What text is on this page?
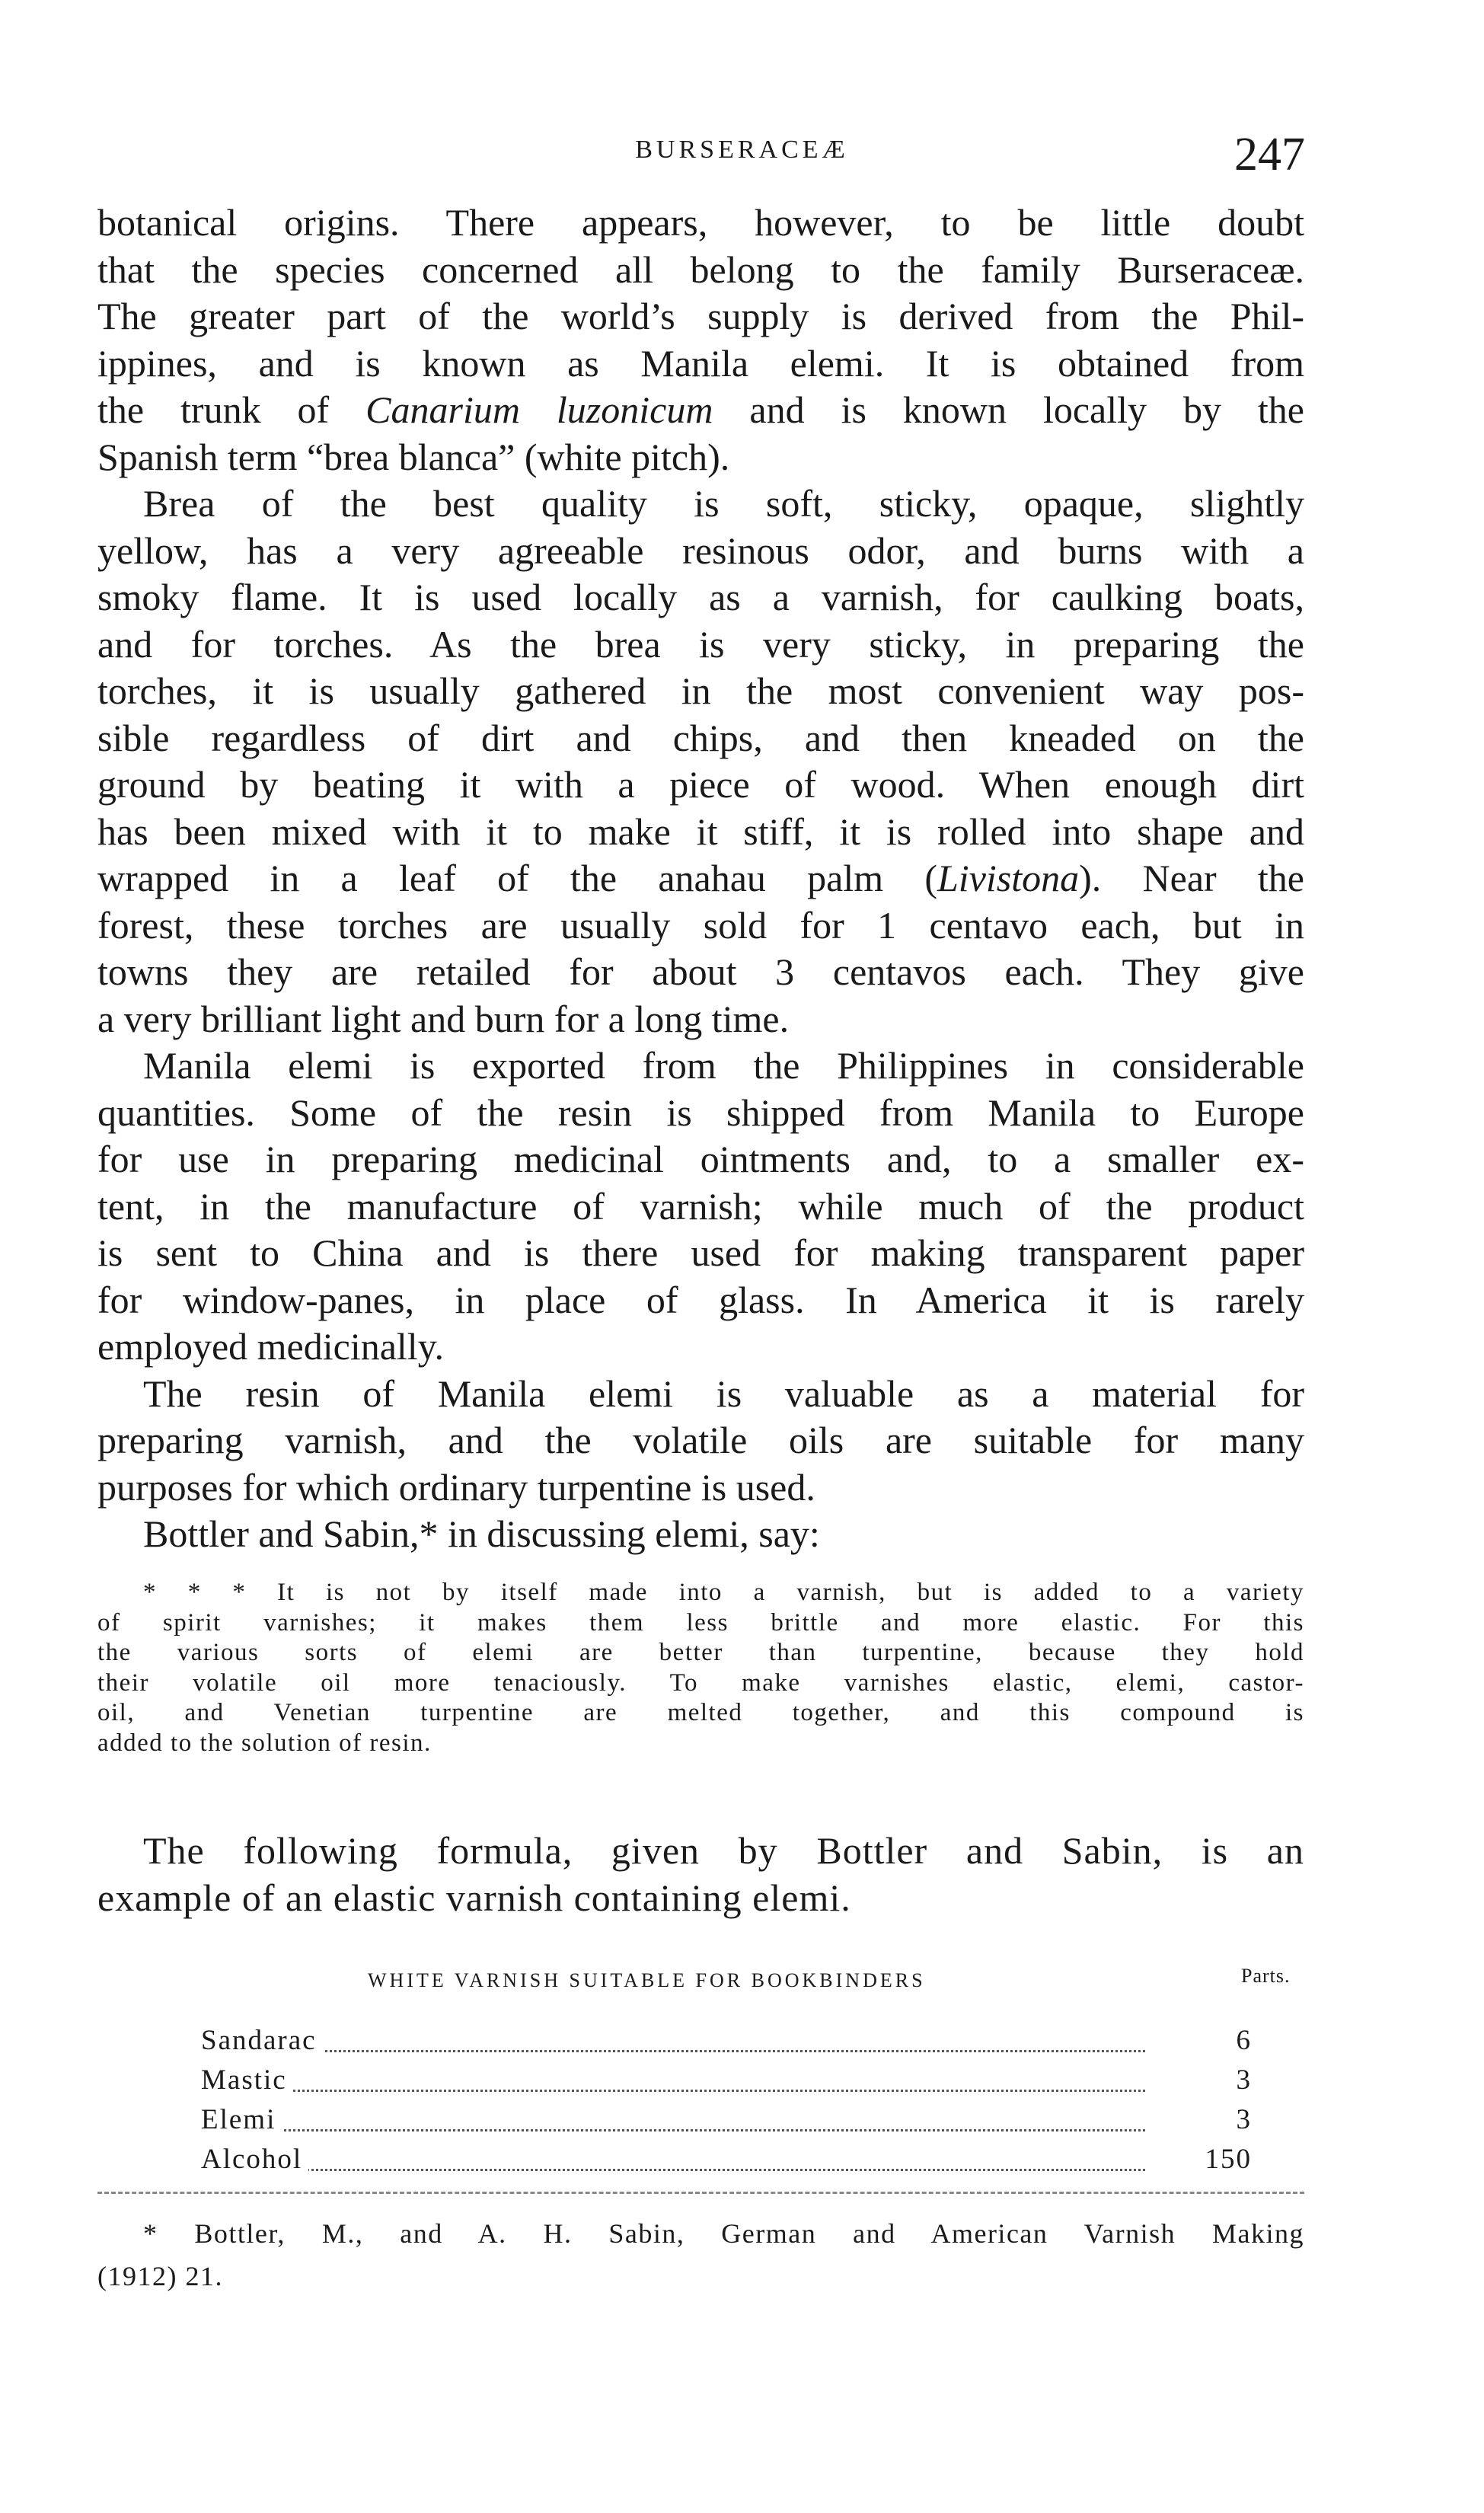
BURSERACEÆ	247

botanical origins. There appears, however, to be little doubt
that the species concerned all belong to the family Burseraceæ.
The greater part of the world’s supply is derived from the Phil-
ippines, and is known as Manila elemi. It is obtained from
the trunk of Canarium luzonicum and is known locally by the
Spanish term “brea blanca” (white pitch).

Brea of the best quality is soft, sticky, opaque, slightly

yellow, has a very agreeable resinous odor, and burns with a
smoky flame. It is used locally as a varnish, for caulking boats,
and for torches. As the brea is very sticky, in preparing the
torches, it is usually gathered in the most convenient way pos-
sible regardless of dirt and chips, and then kneaded on the
ground by beating it with a piece of wood. When enough dirt
has been mixed with it to make it stiff, it is rolled into shape and
wrapped in a leaf of the anahau palm (Livistona). Near the
forest, these torches are usually sold for 1 centavo each, but in
towns they are retailed for about 3 centavos each. They give
a very brilliant light and burn for a long time.

Manila elemi is exported from the Philippines in considerable
quantities. Some of the resin is shipped from Manila to Europe
for use in preparing medicinal ointments and, to a smaller ex-
tent, in the manufacture of varnish; while much of the product
is sent to China and is there used for making transparent paper
for window-panes, in place of glass. In America it is rarely
employed medicinally.

The resin of Manila elemi is valuable as a material for
preparing varnish, and the volatile oils are suitable for many
purposes for which ordinary turpentine is used.

Bottler and Sabin,* in discussing elemi, say:

* * * It is not by itself made into a varnish, but is added to a variety
of spirit varnishes; it makes them less brittle and more elastic. For this
the various sorts of elemi are better than turpentine, because they hold
their volatile oil more tenaciously. To make varnishes elastic, elemi, castor-
oil, and Venetian turpentine are melted together, and this compound is
added to the solution of resin.
The following formula, given by Bottler and Sabin, is an
example of an elastic varnish containing elemi.
WHITE VARNISH SUITABLE FOR BOOKBINDERS	Parts.
Sandarac	6
Mastic	3
Elemi	3
Alcohol	150
* Bottler, M., and A. H. Sabin, German and American Varnish Making
(1912) 21.
